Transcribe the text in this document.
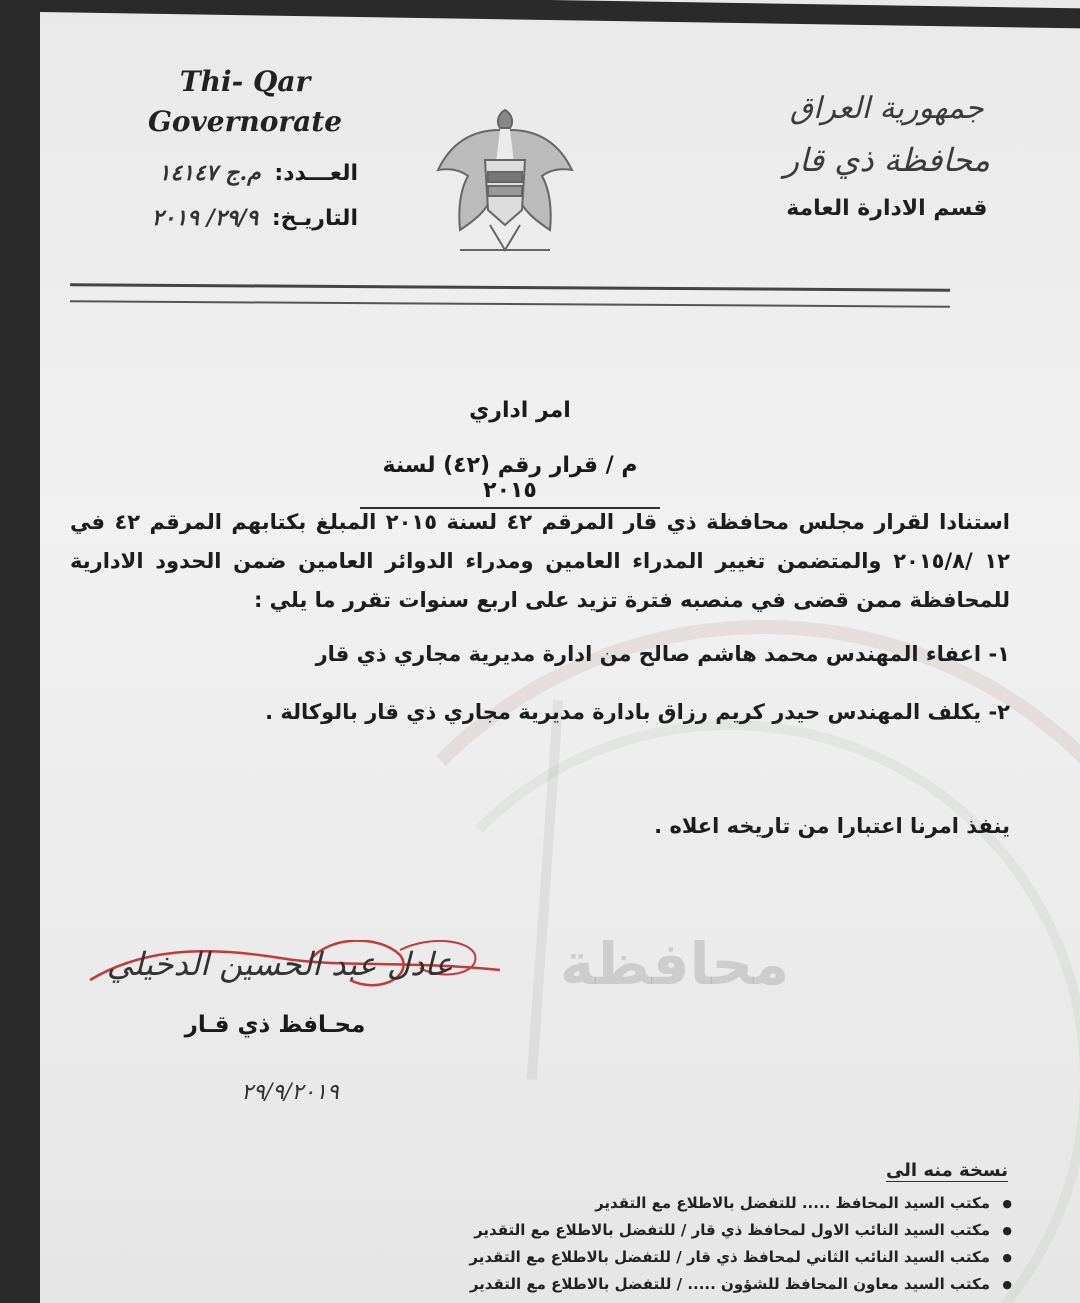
محافظة
Thi- Qar
Governorate
العـــدد: م.ج ١٤١٤٧
التاريـخ: ٢٩/٩/ ٢٠١٩
جمهورية العراق
محافظة ذي قار
قسم الادارة العامة
امر اداري
م / قرار رقم (٤٢) لسنة ٢٠١٥
استنادا لقرار مجلس محافظة ذي قار المرقم ٤٢ لسنة ٢٠١٥ المبلغ بكتابهم المرقم ٤٢ في ١٢ /٢٠١٥/٨ والمتضمن تغيير المدراء العامين ومدراء الدوائر العامين ضمن الحدود الادارية للمحافظة ممن قضى في منصبه فترة تزيد على اربع سنوات تقرر ما يلي :
١- اعفاء المهندس محمد هاشم صالح من ادارة مديرية مجاري ذي قار
٢- يكلف المهندس حيدر كريم رزاق بادارة مديرية مجاري ذي قار بالوكالة .
ينفذ امرنا اعتبارا من تاريخه اعلاه .
عادل عبد الحسين الدخيلي
محـافظ ذي قـار
٢٩/٩/٢٠١٩
نسخة منه الى
● مكتب السيد المحافظ ..... للتفضل بالاطلاع مع التقدير
● مكتب السيد النائب الاول لمحافظ ذي قار / للتفضل بالاطلاع مع التقدير
● مكتب السيد النائب الثاني لمحافظ ذي قار / للتفضل بالاطلاع مع التقدير
● مكتب السيد معاون المحافظ للشؤون ..... / للتفضل بالاطلاع مع التقدير
